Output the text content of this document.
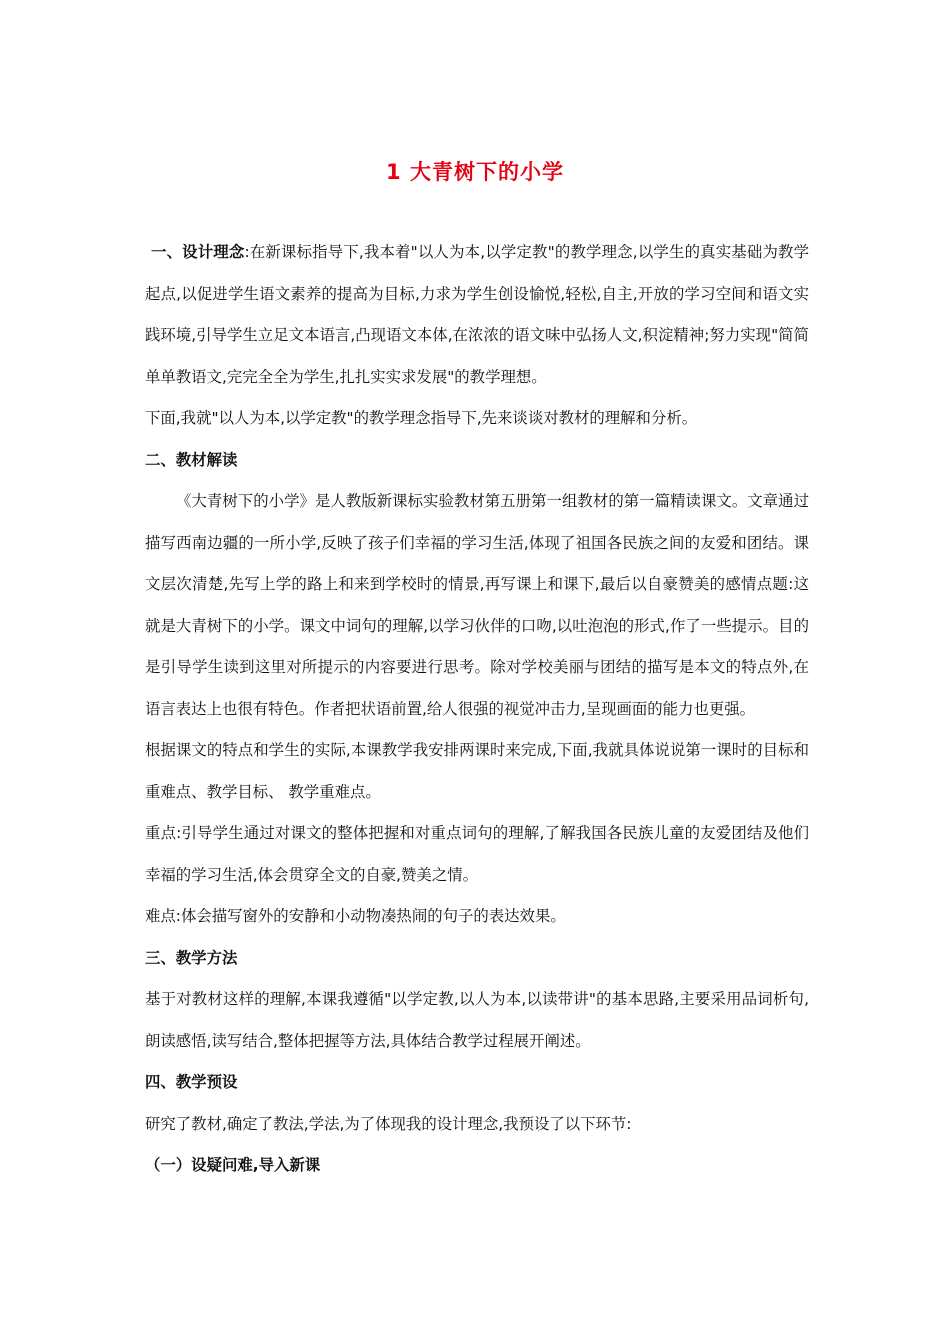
1 大青树下的小学

一、设计理念:在新课标指导下,我本着"以人为本,以学定教"的教学理念,以学生的真实基础为教学起点,以促进学生语文素养的提高为目标,力求为学生创设愉悦,轻松,自主,开放的学习空间和语文实践环境,引导学生立足文本语言,凸现语文本体,在浓浓的语文味中弘扬人文,积淀精神;努力实现"简简单单教语文,完完全全为学生,扎扎实实求发展"的教学理想。

下面,我就"以人为本,以学定教"的教学理念指导下,先来谈谈对教材的理解和分析。

二、教材解读

《大青树下的小学》是人教版新课标实验教材第五册第一组教材的第一篇精读课文。文章通过描写西南边疆的一所小学,反映了孩子们幸福的学习生活,体现了祖国各民族之间的友爱和团结。课文层次清楚,先写上学的路上和来到学校时的情景,再写课上和课下,最后以自豪赞美的感情点题:这就是大青树下的小学。课文中词句的理解,以学习伙伴的口吻,以吐泡泡的形式,作了一些提示。目的是引导学生读到这里对所提示的内容要进行思考。除对学校美丽与团结的描写是本文的特点外,在语言表达上也很有特色。作者把状语前置,给人很强的视觉冲击力,呈现画面的能力也更强。

根据课文的特点和学生的实际,本课教学我安排两课时来完成,下面,我就具体说说第一课时的目标和重难点、教学目标、 教学重难点。

重点:引导学生通过对课文的整体把握和对重点词句的理解,了解我国各民族儿童的友爱团结及他们幸福的学习生活,体会贯穿全文的自豪,赞美之情。

难点:体会描写窗外的安静和小动物凑热闹的句子的表达效果。

三、教学方法

基于对教材这样的理解,本课我遵循"以学定教,以人为本,以读带讲"的基本思路,主要采用品词析句,朗读感悟,读写结合,整体把握等方法,具体结合教学过程展开阐述。

四、教学预设

研究了教材,确定了教法,学法,为了体现我的设计理念,我预设了以下环节:

（一）设疑问难,导入新课
